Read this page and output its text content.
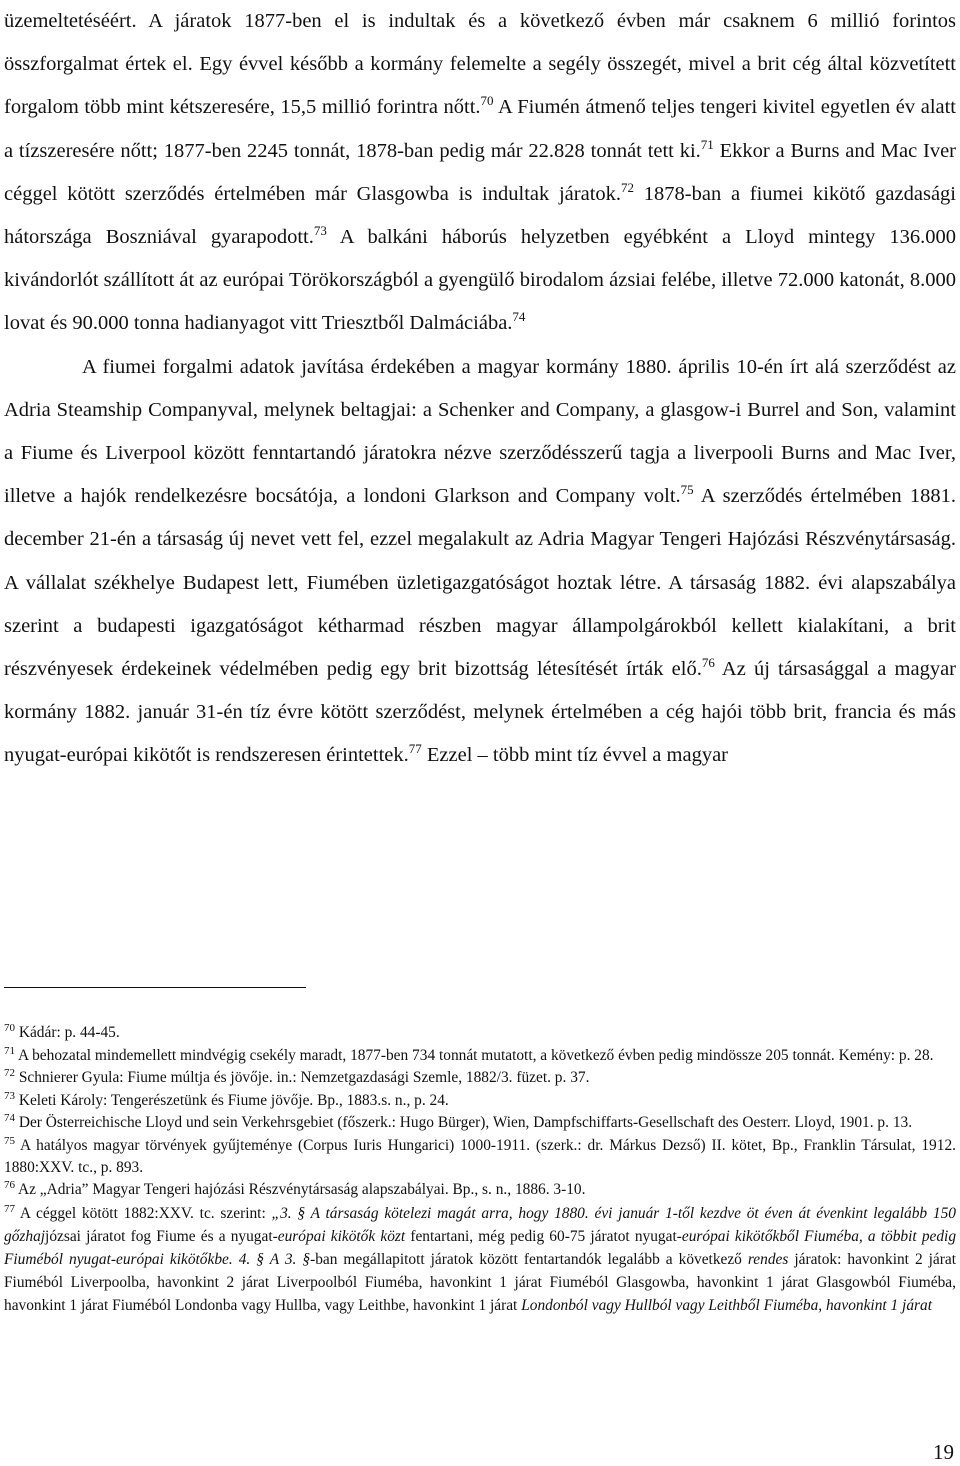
üzemeltetéséért. A járatok 1877-ben el is indultak és a következő évben már csaknem 6 millió forintos összforgalmat értek el. Egy évvel később a kormány felemelte a segély összegét, mivel a brit cég által közvetített forgalom több mint kétszeresére, 15,5 millió forintra nőtt.$^{70}$ A Fiumén átmenő teljes tengeri kivitel egyetlen év alatt a tízszeresére nőtt; 1877-ben 2245 tonnát, 1878-ban pedig már 22.828 tonnát tett ki.$^{71}$ Ekkor a Burns and Mac Iver céggel kötött szerződés értelmében már Glasgowba is indultak járatok.$^{72}$ 1878-ban a fiumei kikötő gazdasági hátországa Boszniával gyarapodott.$^{73}$ A balkáni háborús helyzetben egyébként a Lloyd mintegy 136.000 kivándorlót szállított át az európai Törökországból a gyengülő birodalom ázsiai felébe, illetve 72.000 katonát, 8.000 lovat és 90.000 tonna hadianyagot vitt Triesztből Dalmáciába.$^{74}$

A fiumei forgalmi adatok javítása érdekében a magyar kormány 1880. április 10-én írt alá szerződést az Adria Steamship Companyval, melynek beltagjai: a Schenker and Company, a glasgow-i Burrel and Son, valamint a Fiume és Liverpool között fenntartandó járatokra nézve szerződésszerű tagja a liverpooli Burns and Mac Iver, illetve a hajók rendelkezésre bocsátója, a londoni Glarkson and Company volt.$^{75}$ A szerződés értelmében 1881. december 21-én a társaság új nevet vett fel, ezzel megalakult az Adria Magyar Tengeri Hajózási Részvénytársaság. A vállalat székhelye Budapest lett, Fiumében üzletigazgatóságot hoztak létre. A társaság 1882. évi alapszabálya szerint a budapesti igazgatóságot kétharmad részben magyar állampolgárokból kellett kialakítani, a brit részvényesek érdekeinek védelmében pedig egy brit bizottság létesítését írták elő.$^{76}$ Az új társasággal a magyar kormány 1882. január 31-én tíz évre kötött szerződést, melynek értelmében a cég hajói több brit, francia és más nyugat-európai kikötőt is rendszeresen érintettek.$^{77}$ Ezzel – több mint tíz évvel a magyar

$^{70}$ Kádár: p. 44-45.

$^{71}$ A behozatal mindemellett mindvégig csekély maradt, 1877-ben 734 tonnát mutatott, a következő évben pedig mindössze 205 tonnát. Kemény: p. 28.

$^{72}$ Schnierer Gyula: Fiume múltja és jövője. in.: Nemzetgazdasági Szemle, 1882/3. füzet. p. 37.

$^{73}$ Keleti Károly: Tengerészetünk és Fiume jövője. Bp., 1883.s. n., p. 24.

$^{74}$ Der Österreichische Lloyd und sein Verkehrsgebiet (főszerk.: Hugo Bürger), Wien, Dampfschiffarts-Gesellschaft des Oesterr. Lloyd, 1901. p. 13.

$^{75}$ A hatályos magyar törvények gyűjteménye (Corpus Iuris Hungarici) 1000-1911. (szerk.: dr. Márkus Dezső) II. kötet, Bp., Franklin Társulat, 1912. 1880:XXV. tc., p. 893.

$^{76}$ Az „Adria” Magyar Tengeri hajózási Részvénytársaság alapszabályai. Bp., s. n., 1886. 3-10.

$^{77}$ A céggel kötött 1882:XXV. tc. szerint: „3. § A társaság kötelezi magát arra, hogy 1880. évi január 1-től kezdve öt éven át évenkint legalább 150 gőzhajjózsai járatot fog Fiume és a nyugat-európai kikötők közt fentartani, még pedig 60-75 járatot nyugat-európai kikötőkből Fiuméba, a többit pedig Fiuméból nyugat-európai kikötőkbe. 4. § A 3. §-ban megállapitott járatok között fentartandók legalább a következő rendes járatok: havonkint 2 járat Fiuméból Liverpoolba, havonkint 2 járat Liverpoolból Fiuméba, havonkint 1 járat Fiuméból Glasgowba, havonkint 1 járat Glasgowból Fiuméba, havonkint 1 járat Fiuméból Londonba vagy Hullba, vagy Leithbe, havonkint 1 járat Londonból vagy Hullból vagy Leithből Fiuméba, havonkint 1 járat

19
